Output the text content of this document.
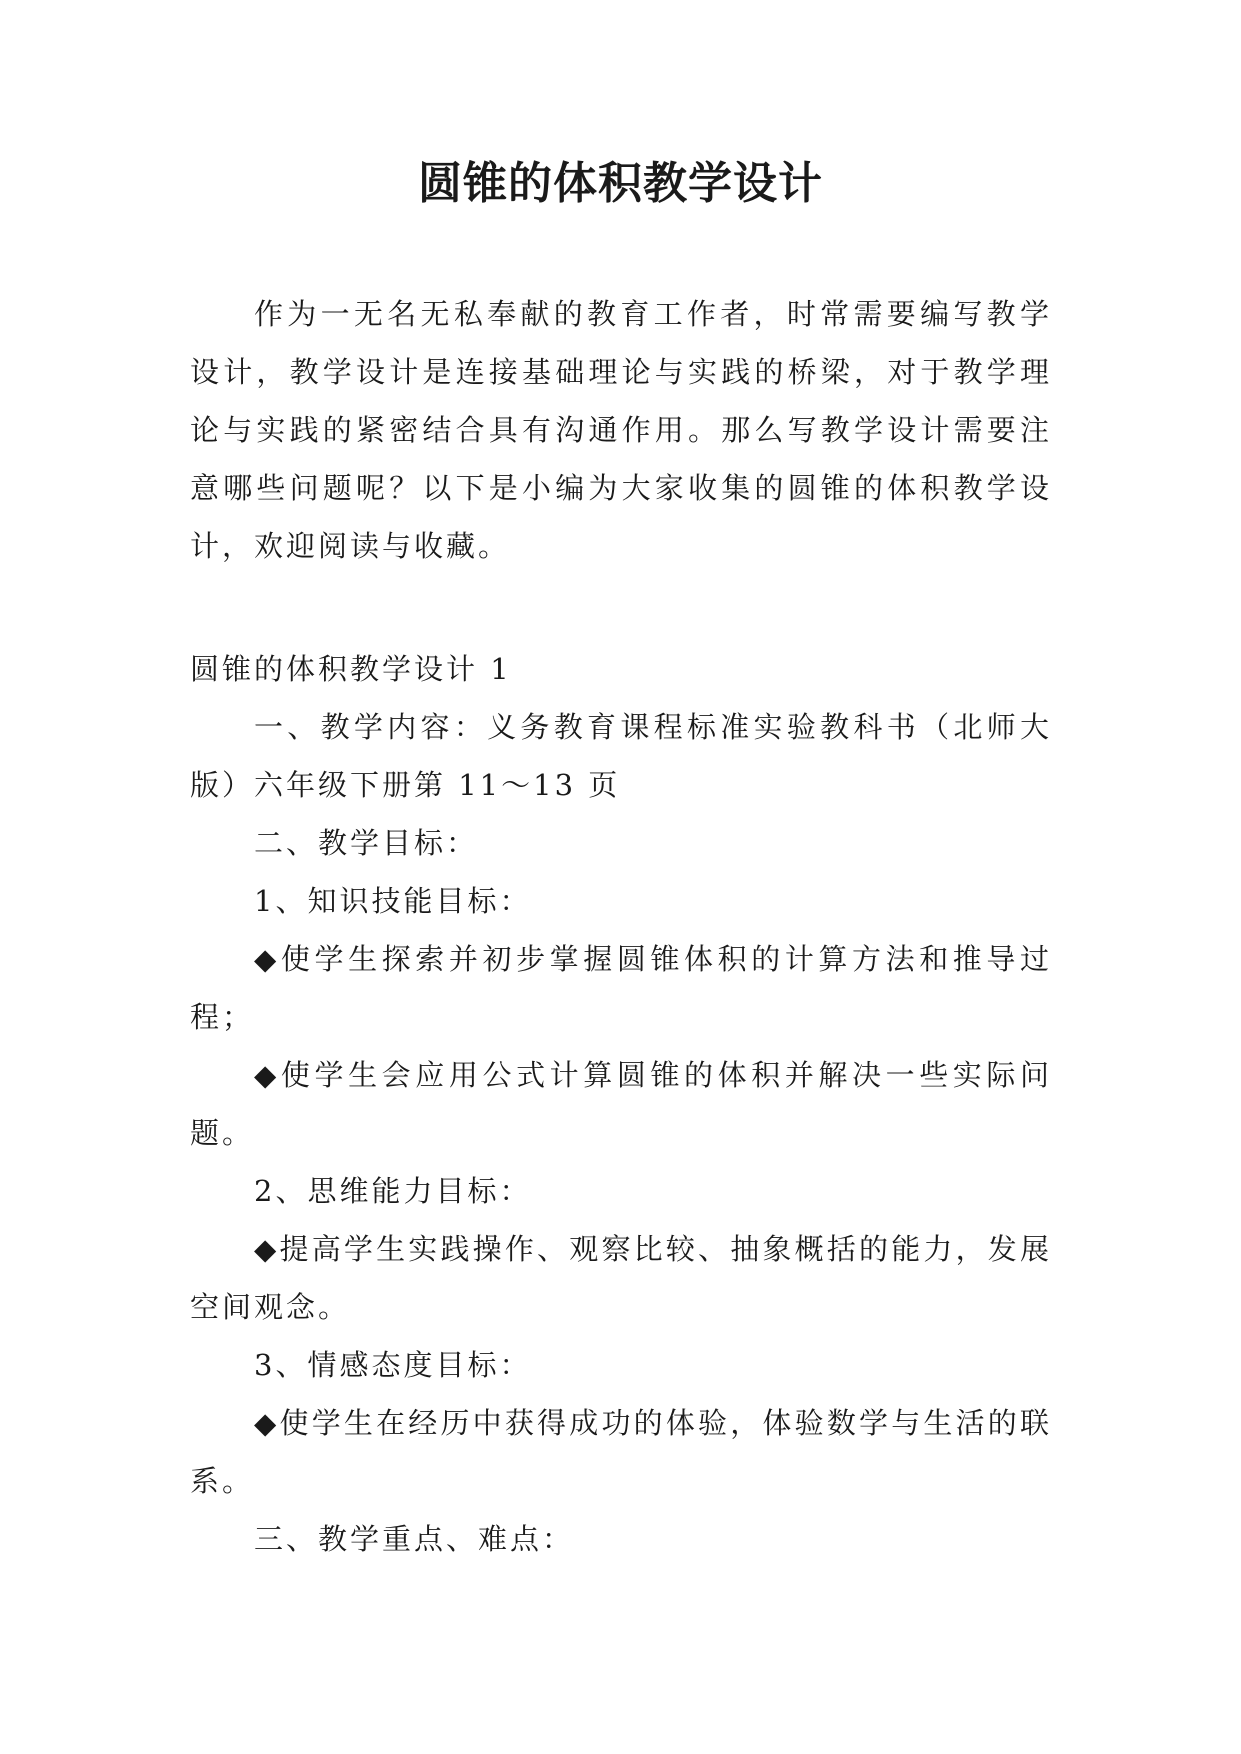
圆锥的体积教学设计

作为一无名无私奉献的教育工作者，时常需要编写教学设计，教学设计是连接基础理论与实践的桥梁，对于教学理论与实践的紧密结合具有沟通作用。那么写教学设计需要注意哪些问题呢？以下是小编为大家收集的圆锥的体积教学设计，欢迎阅读与收藏。

圆锥的体积教学设计 1

一、教学内容：义务教育课程标准实验教科书（北师大版）六年级下册第 11～13 页

二、教学目标：

1、知识技能目标：

◆使学生探索并初步掌握圆锥体积的计算方法和推导过程；

◆使学生会应用公式计算圆锥的体积并解决一些实际问题。

2、思维能力目标：

◆提高学生实践操作、观察比较、抽象概括的能力，发展空间观念。

3、情感态度目标：

◆使学生在经历中获得成功的体验，体验数学与生活的联系。

三、教学重点、难点：
